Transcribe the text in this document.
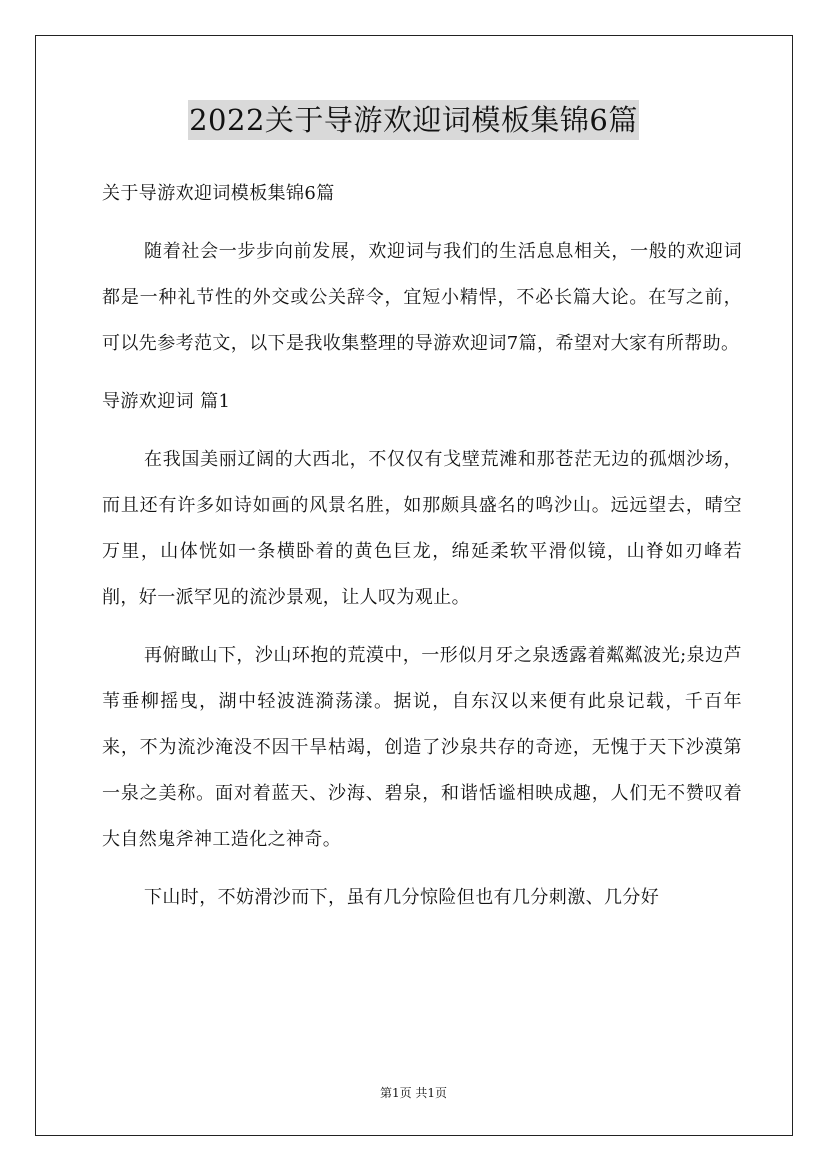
2022关于导游欢迎词模板集锦6篇

关于导游欢迎词模板集锦6篇

随着社会一步步向前发展，欢迎词与我们的生活息息相关，一般的欢迎词都是一种礼节性的外交或公关辞令，宜短小精悍，不必长篇大论。在写之前，可以先参考范文，以下是我收集整理的导游欢迎词7篇，希望对大家有所帮助。

导游欢迎词 篇1

在我国美丽辽阔的大西北，不仅仅有戈壁荒滩和那苍茫无边的孤烟沙场，而且还有许多如诗如画的风景名胜，如那颇具盛名的鸣沙山。远远望去，晴空万里，山体恍如一条横卧着的黄色巨龙，绵延柔软平滑似镜，山脊如刃峰若削，好一派罕见的流沙景观，让人叹为观止。

再俯瞰山下，沙山环抱的荒漠中，一形似月牙之泉透露着粼粼波光;泉边芦苇垂柳摇曳，湖中轻波涟漪荡漾。据说，自东汉以来便有此泉记载，千百年来，不为流沙淹没不因干旱枯竭，创造了沙泉共存的奇迹，无愧于天下沙漠第一泉之美称。面对着蓝天、沙海、碧泉，和谐恬谧相映成趣，人们无不赞叹着大自然鬼斧神工造化之神奇。

下山时，不妨滑沙而下，虽有几分惊险但也有几分刺激、几分好

第1页 共1页
